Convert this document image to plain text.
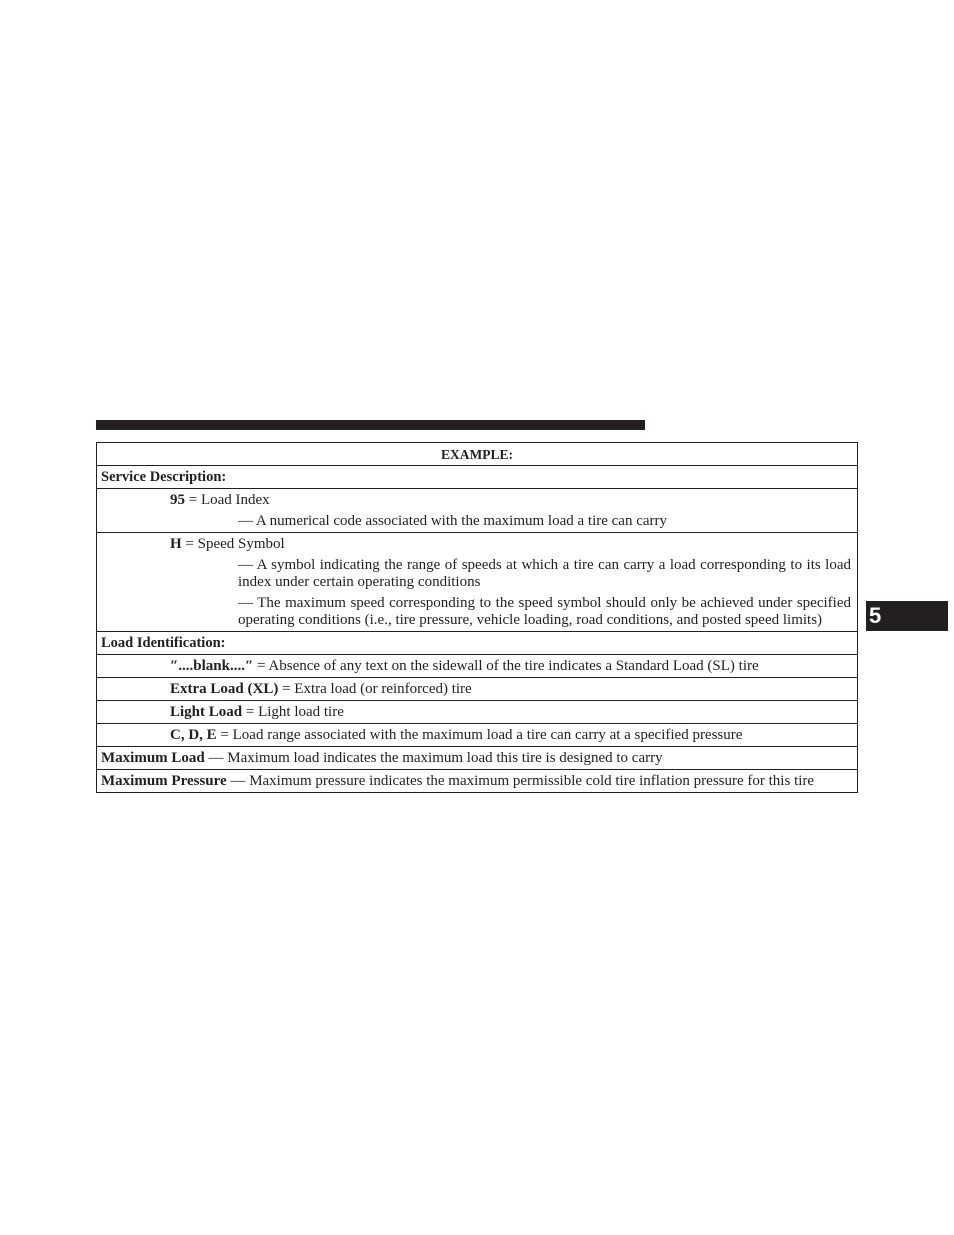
5
EXAMPLE:
Service Description:
95 = Load Index
— A numerical code associated with the maximum load a tire can carry
H = Speed Symbol
— A symbol indicating the range of speeds at which a tire can carry a load corresponding to its load index under certain operating conditions
— The maximum speed corresponding to the speed symbol should only be achieved under specified operating conditions (i.e., tire pressure, vehicle loading, road conditions, and posted speed limits)
Load Identification:
″....blank....″ = Absence of any text on the sidewall of the tire indicates a Standard Load (SL) tire
Extra Load (XL) = Extra load (or reinforced) tire
Light Load = Light load tire
C, D, E = Load range associated with the maximum load a tire can carry at a specified pressure
Maximum Load — Maximum load indicates the maximum load this tire is designed to carry
Maximum Pressure — Maximum pressure indicates the maximum permissible cold tire inflation pressure for this tire
